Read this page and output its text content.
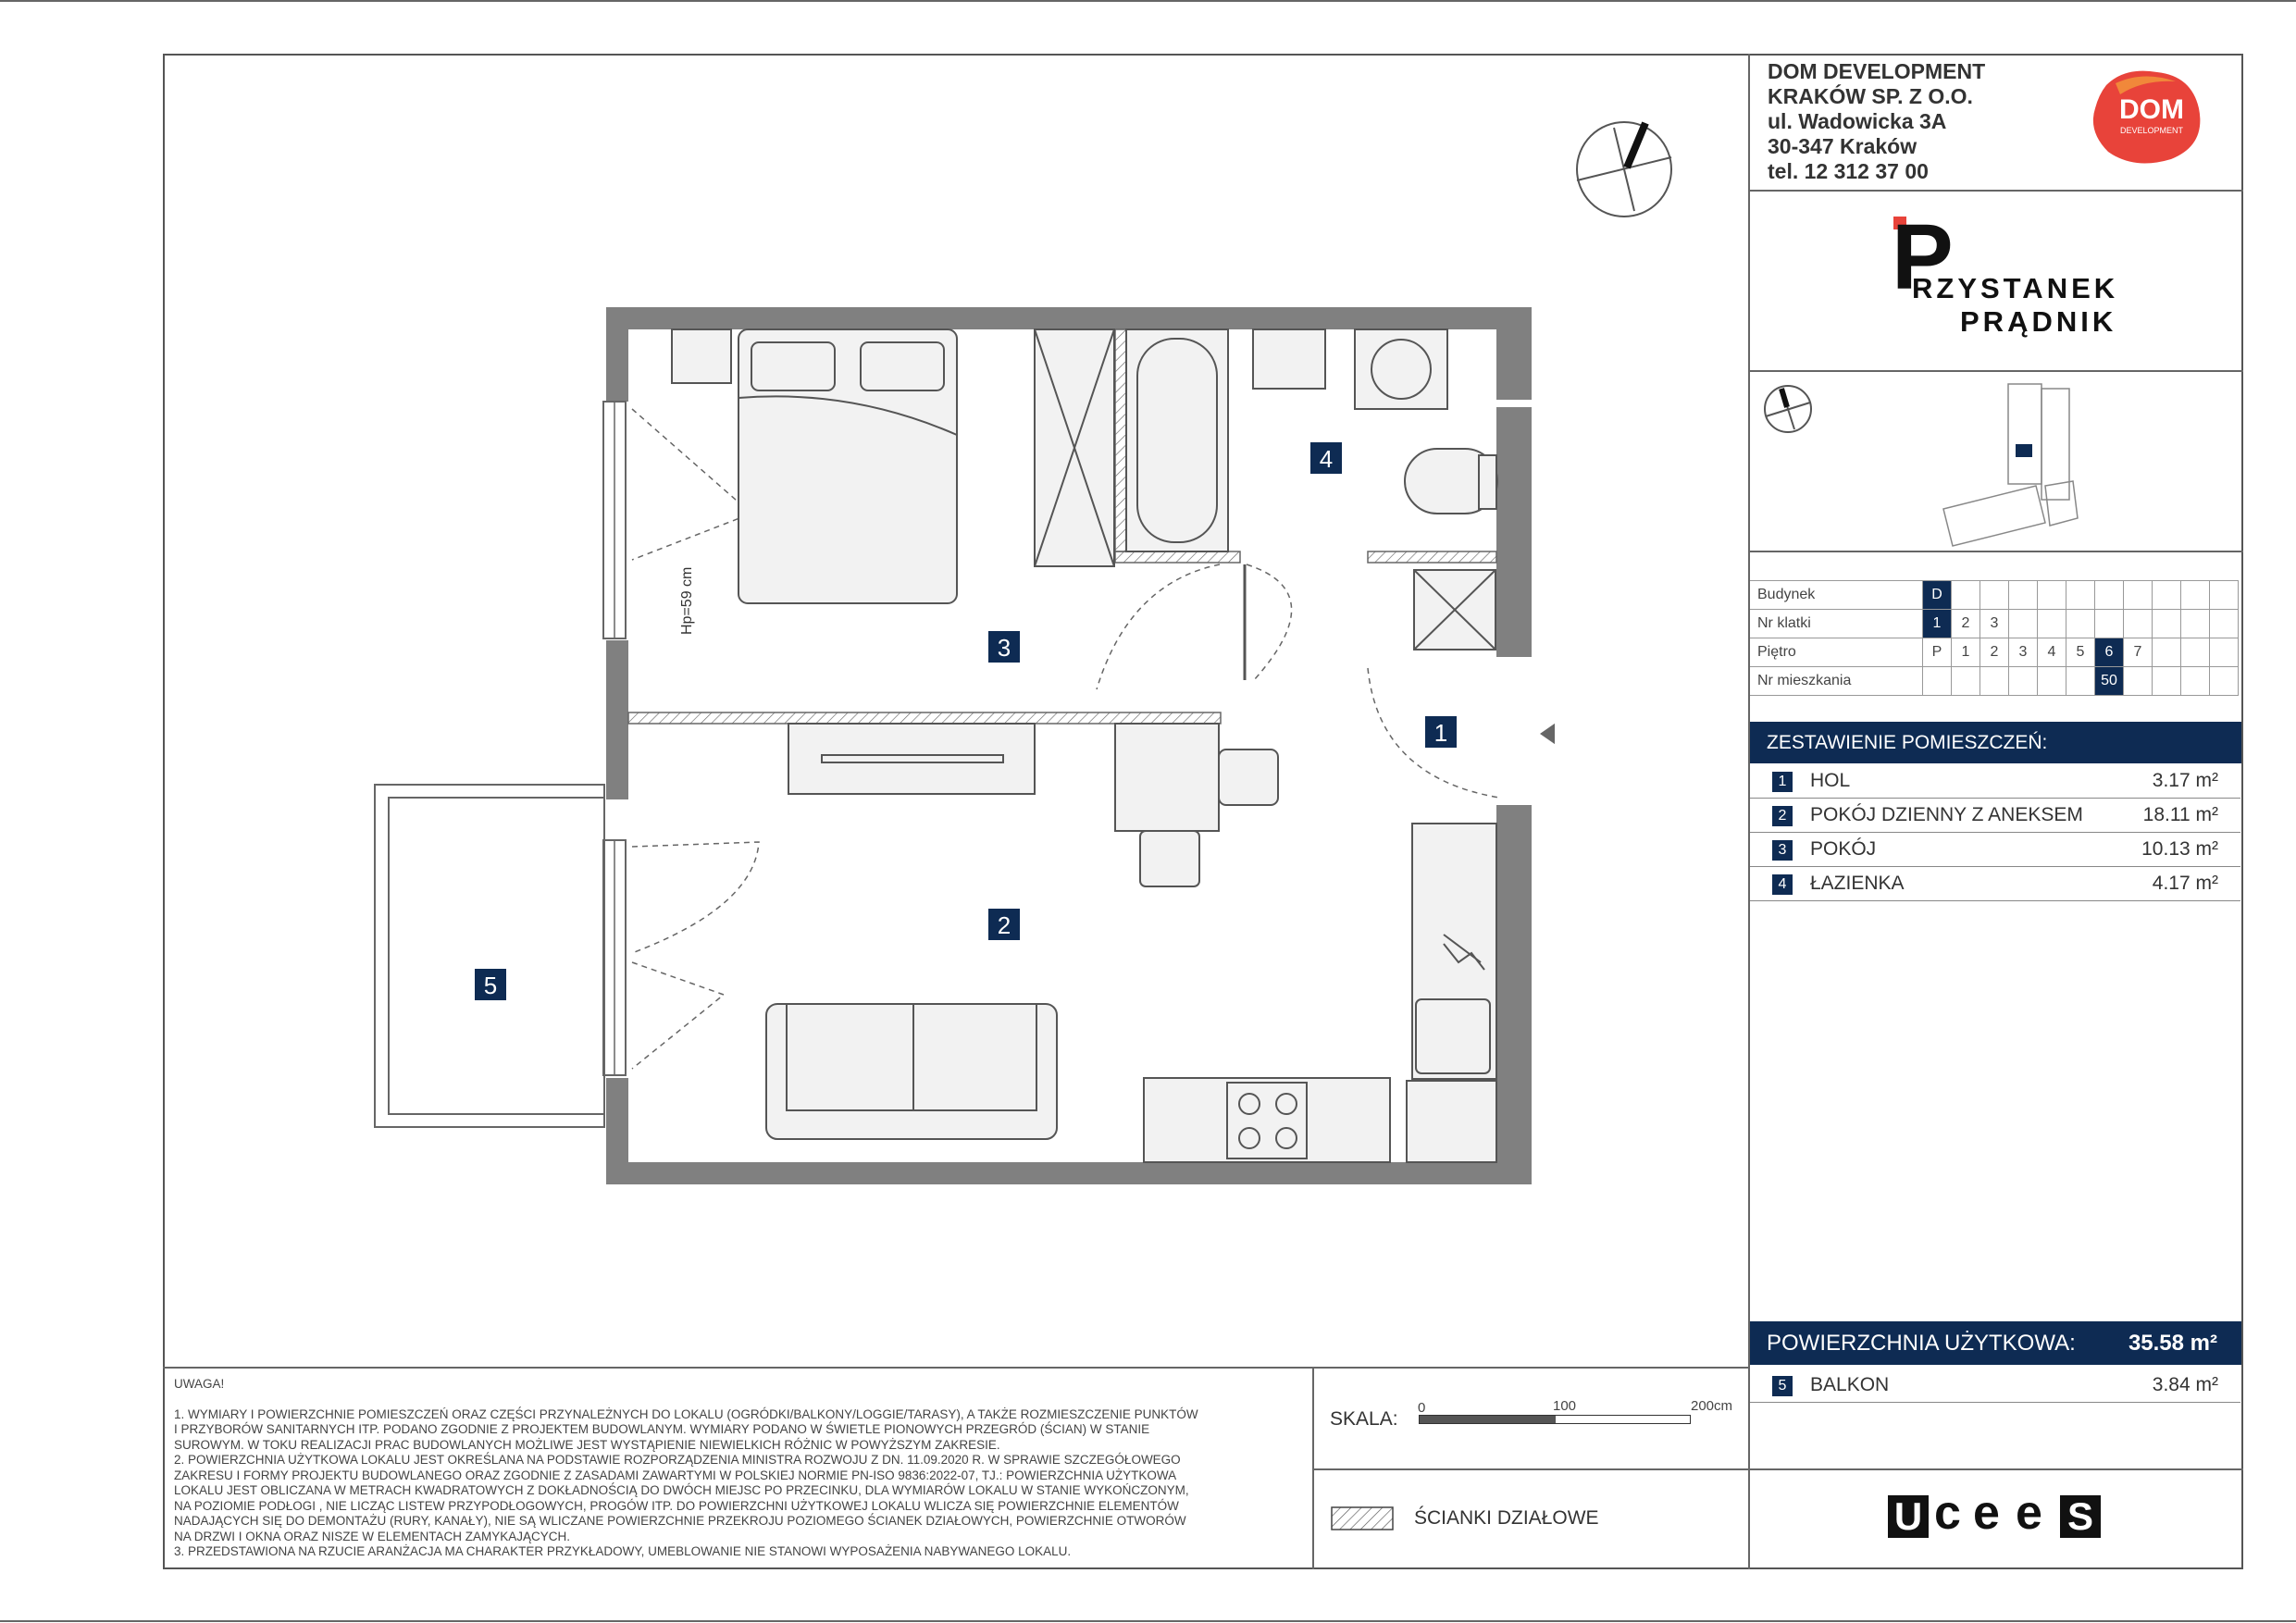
DOM DEVELOPMENT
KRAKÓW SP. Z O.O.
ul. Wadowicka 3A
30-347 Kraków
tel. 12 312 37 00
DOM
DEVELOPMENT
P
RZYSTANEK
PRĄDNIK
Budynek	D										
Nr klatki	1	2	3								
Piętro	P	1	2	3	4	5	6	7			
Nr mieszkania							50				
ZESTAWIENIE POMIESZCZEŃ:
1	HOL	3.17 m²
2	POKÓJ DZIENNY Z ANEKSEM	18.11 m²
3	POKÓJ	10.13 m²
4	ŁAZIENKA	4.17 m²
POWIERZCHNIA UŻYTKOWA: 35.58 m²
5	BALKON	3.84 m²
U c e e S
UWAGA!
1. WYMIARY I POWIERZCHNIE POMIESZCZEŃ ORAZ CZĘŚCI PRZYNALEŻNYCH DO LOKALU (OGRÓDKI/BALKONY/LOGGIE/TARASY), A TAKŻE ROZMIESZCZENIE PUNKTÓW
I PRZYBORÓW SANITARNYCH ITP. PODANO ZGODNIE Z PROJEKTEM BUDOWLANYM. WYMIARY PODANO W ŚWIETLE PIONOWYCH PRZEGRÓD (ŚCIAN) W STANIE
SUROWYM. W TOKU REALIZACJI PRAC BUDOWLANYCH MOŻLIWE JEST WYSTĄPIENIE NIEWIELKICH RÓŻNIC W POWYŻSZYM ZAKRESIE.
2. POWIERZCHNIA UŻYTKOWA LOKALU JEST OKREŚLANA NA PODSTAWIE ROZPORZĄDZENIA MINISTRA ROZWOJU Z DN. 11.09.2020 R. W SPRAWIE SZCZEGÓŁOWEGO
ZAKRESU I FORMY PROJEKTU BUDOWLANEGO ORAZ ZGODNIE Z ZASADAMI ZAWARTYMI W POLSKIEJ NORMIE PN-ISO 9836:2022-07, TJ.: POWIERZCHNIA UŻYTKOWA
LOKALU JEST OBLICZANA W METRACH KWADRATOWYCH Z DOKŁADNOŚCIĄ DO DWÓCH MIEJSC PO PRZECINKU, DLA WYMIARÓW LOKALU W STANIE WYKOŃCZONYM,
NA POZIOMIE PODŁOGI , NIE LICZĄC LISTEW PRZYPODŁOGOWYCH, PROGÓW ITP. DO POWIERZCHNI UŻYTKOWEJ LOKALU WLICZA SIĘ POWIERZCHNIE ELEMENTÓW
NADAJĄCYCH SIĘ DO DEMONTAŻU (RURY, KANAŁY), NIE SĄ WLICZANE POWIERZCHNIE PRZEKROJU POZIOMEGO ŚCIANEK DZIAŁOWYCH, POWIERZCHNIE OTWORÓW
NA DRZWI I OKNA ORAZ NISZE W ELEMENTACH ZAMYKAJĄCYCH.
3. PRZEDSTAWIONA NA RZUCIE ARANŻACJA MA CHARAKTER PRZYKŁADOWY, UMEBLOWANIE NIE STANOWI WYPOSAŻENIA NABYWANEGO LOKALU.
SKALA:
0	100	200cm
ŚCIANKI DZIAŁOWE
1
2
3
4
5
Hp=59 cm
